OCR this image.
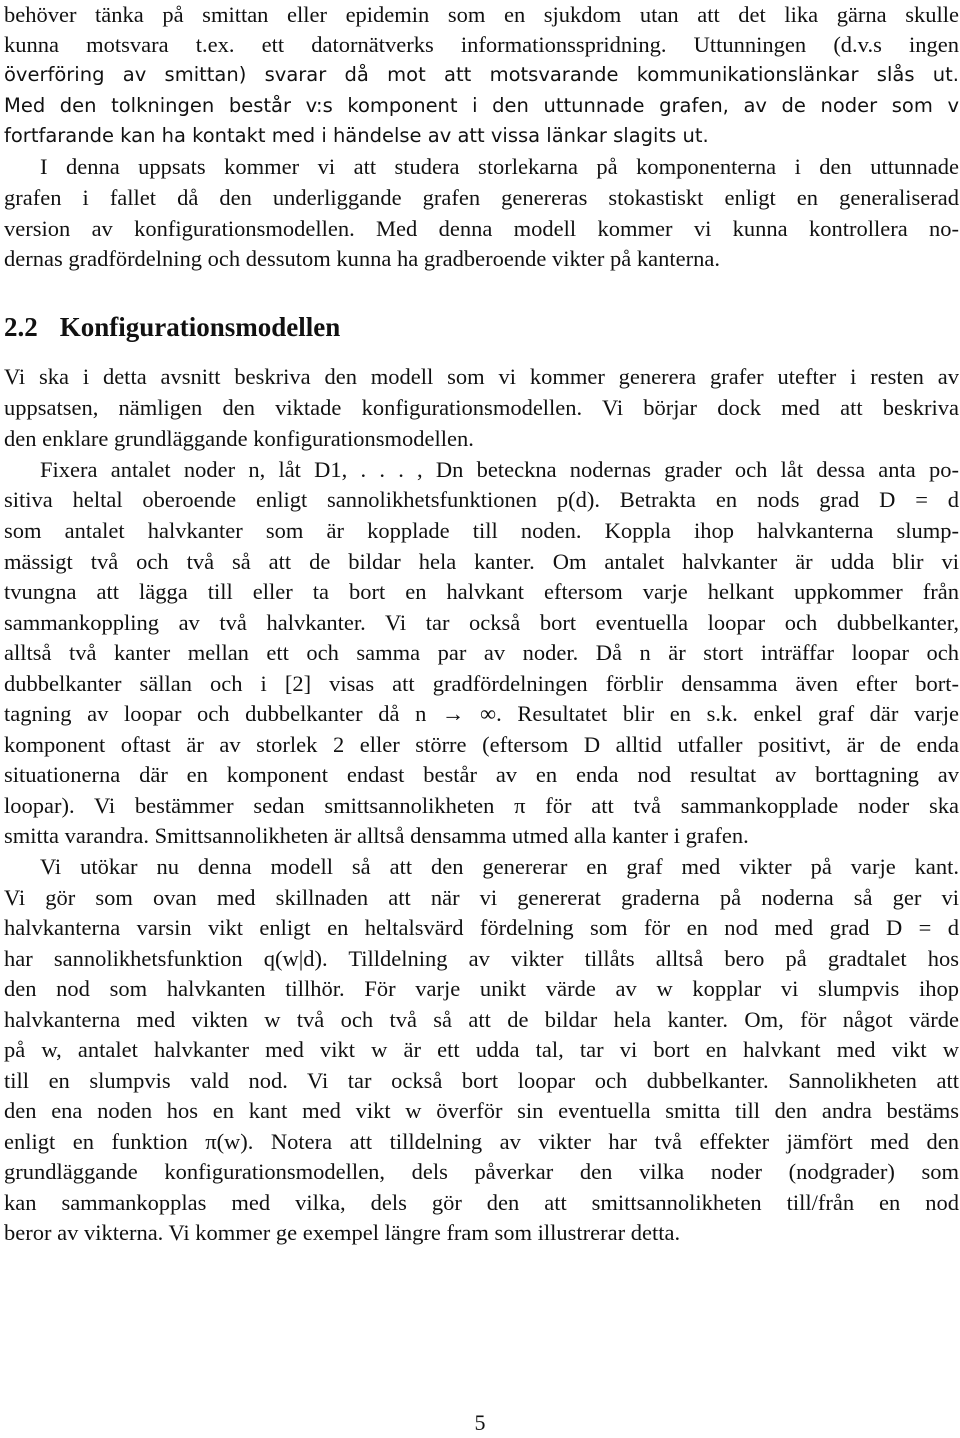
behöver tänka på smittan eller epidemin som en sjukdom utan att det lika gärna skulle
kunna motsvara t.ex. ett datornätverks informationsspridning. Uttunningen (d.v.s ingen
överföring av smittan) svarar då mot att motsvarande kommunikationslänkar slås ut.
Med den tolkningen består v:s komponent i den uttunnade grafen, av de noder som v
fortfarande kan ha kontakt med i händelse av att vissa länkar slagits ut.
I denna uppsats kommer vi att studera storlekarna på komponenterna i den uttunnade
grafen i fallet då den underliggande grafen genereras stokastiskt enligt en generaliserad
version av konfigurationsmodellen. Med denna modell kommer vi kunna kontrollera no-
dernas gradfördelning och dessutom kunna ha gradberoende vikter på kanterna.
2.2 Konfigurationsmodellen
Vi ska i detta avsnitt beskriva den modell som vi kommer generera grafer utefter i resten av
uppsatsen, nämligen den viktade konfigurationsmodellen. Vi börjar dock med att beskriva
den enklare grundläggande konfigurationsmodellen.
Fixera antalet noder n, låt D1, . . . , Dn beteckna nodernas grader och låt dessa anta po-
sitiva heltal oberoende enligt sannolikhetsfunktionen p(d). Betrakta en nods grad D = d
som antalet halvkanter som är kopplade till noden. Koppla ihop halvkanterna slump-
mässigt två och två så att de bildar hela kanter. Om antalet halvkanter är udda blir vi
tvungna att lägga till eller ta bort en halvkant eftersom varje helkant uppkommer från
sammankoppling av två halvkanter. Vi tar också bort eventuella loopar och dubbelkanter,
alltså två kanter mellan ett och samma par av noder. Då n är stort inträffar loopar och
dubbelkanter sällan och i [2] visas att gradfördelningen förblir densamma även efter bort-
tagning av loopar och dubbelkanter då n → ∞. Resultatet blir en s.k. enkel graf där varje
komponent oftast är av storlek 2 eller större (eftersom D alltid utfaller positivt, är de enda
situationerna där en komponent endast består av en enda nod resultat av borttagning av
loopar). Vi bestämmer sedan smittsannolikheten π för att två sammankopplade noder ska
smitta varandra. Smittsannolikheten är alltså densamma utmed alla kanter i grafen.
Vi utökar nu denna modell så att den genererar en graf med vikter på varje kant.
Vi gör som ovan med skillnaden att när vi genererat graderna på noderna så ger vi
halvkanterna varsin vikt enligt en heltalsvärd fördelning som för en nod med grad D = d
har sannolikhetsfunktion q(w|d). Tilldelning av vikter tillåts alltså bero på gradtalet hos
den nod som halvkanten tillhör. För varje unikt värde av w kopplar vi slumpvis ihop
halvkanterna med vikten w två och två så att de bildar hela kanter. Om, för något värde
på w, antalet halvkanter med vikt w är ett udda tal, tar vi bort en halvkant med vikt w
till en slumpvis vald nod. Vi tar också bort loopar och dubbelkanter. Sannolikheten att
den ena noden hos en kant med vikt w överför sin eventuella smitta till den andra bestäms
enligt en funktion π(w). Notera att tilldelning av vikter har två effekter jämfört med den
grundläggande konfigurationsmodellen, dels påverkar den vilka noder (nodgrader) som
kan sammankopplas med vilka, dels gör den att smittsannolikheten till/från en nod
beror av vikterna. Vi kommer ge exempel längre fram som illustrerar detta.
5
